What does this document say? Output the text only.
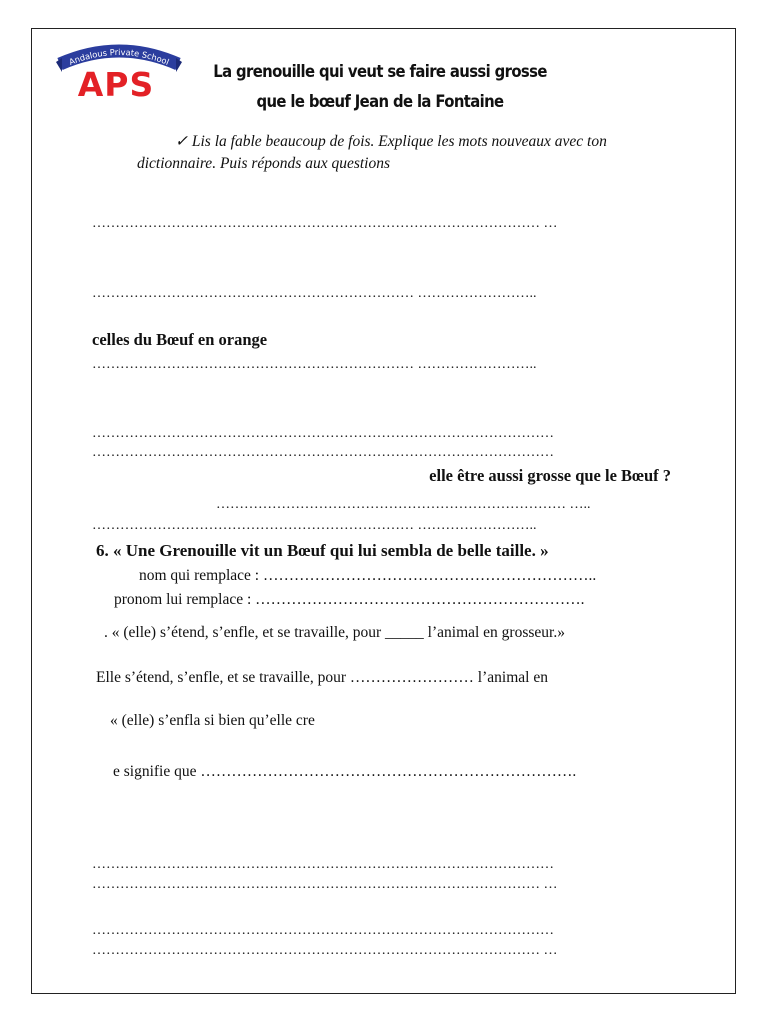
Andalous Private School
APS	La grenouille qui veut se faire aussi grosse
que le bœuf Jean de la Fontaine
✓ Lis la fable beaucoup de fois. Explique les mots nouveaux avec ton
dictionnaire. Puis réponds aux questions
…………………………………………………………………………………… …
…………………………………………………………… ……………………..
celles du Bœuf en orange
…………………………………………………………… ……………………..
………………………………………………………………………………………
………………………………………………………………………………………
elle être aussi grosse que le Bœuf ?
………………………………………………………………… …..
…………………………………………………………… ……………………..
6. « Une Grenouille vit un Bœuf qui lui sembla de belle taille. »
nom qui remplace : ………………………………………………………..
pronom lui remplace : ……………………………………………………….
. « (elle) s’étend, s’enfle, et se travaille, pour _____ l’animal en grosseur.»
Elle s’étend, s’enfle, et se travaille, pour …………………… l’animal en
« (elle) s’enfla si bien qu’elle cre
e signifie que ……………………………………………………………….
………………………………………………………………………………………
…………………………………………………………………………………… …
………………………………………………………………………………………
…………………………………………………………………………………… …
